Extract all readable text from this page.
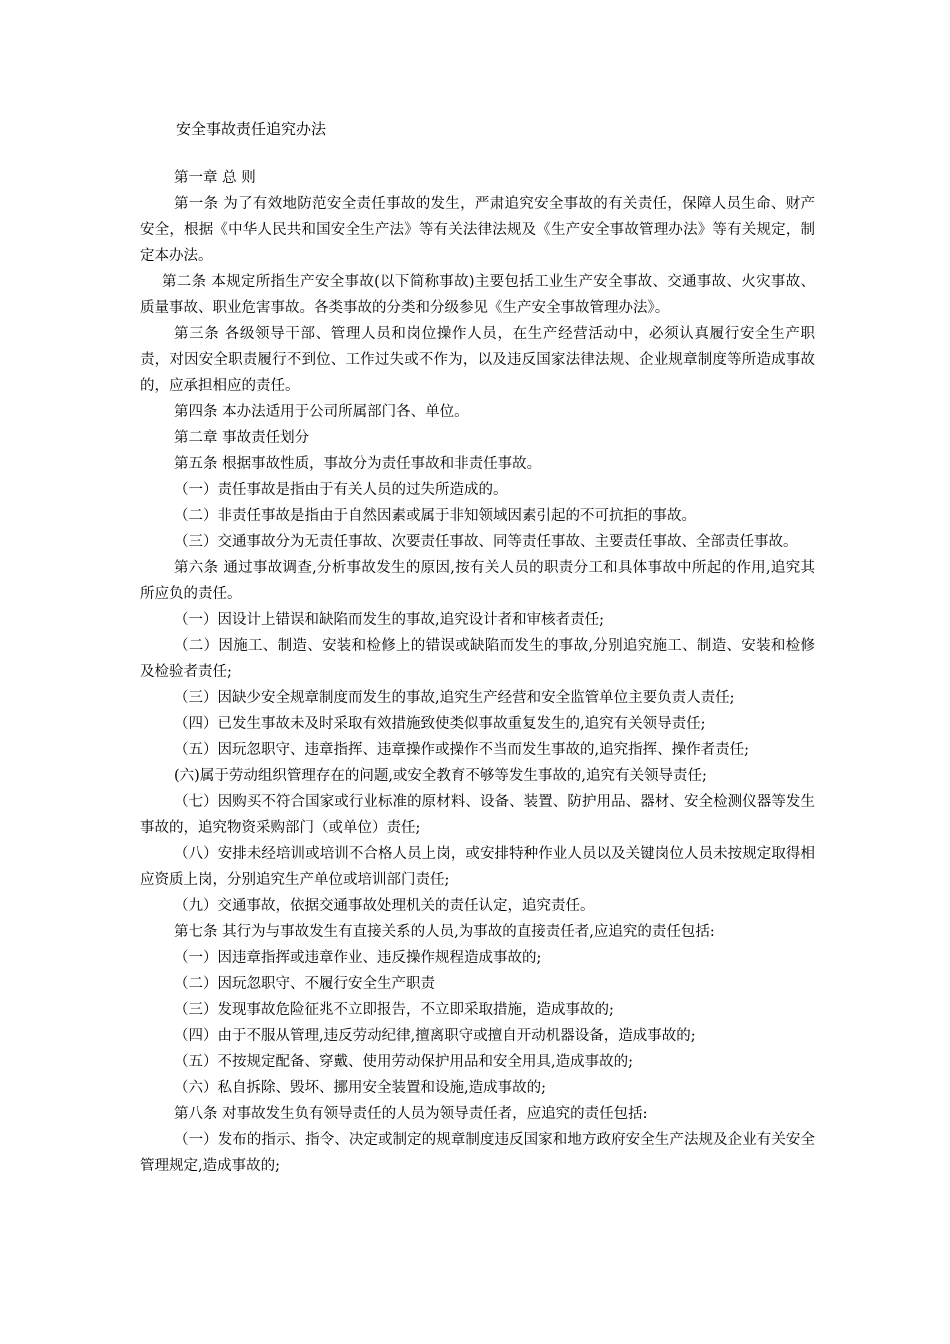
安全事故责任追究办法

第一章 总 则

第一条 为了有效地防范安全责任事故的发生，严肃追究安全事故的有关责任，保障人员生命、财产安全，根据《中华人民共和国安全生产法》等有关法律法规及《生产安全事故管理办法》等有关规定，制定本办法。

第二条 本规定所指生产安全事故(以下简称事故)主要包括工业生产安全事故、交通事故、火灾事故、质量事故、职业危害事故。各类事故的分类和分级参见《生产安全事故管理办法》。

第三条 各级领导干部、管理人员和岗位操作人员，在生产经营活动中，必须认真履行安全生产职责，对因安全职责履行不到位、工作过失或不作为，以及违反国家法律法规、企业规章制度等所造成事故的，应承担相应的责任。

第四条 本办法适用于公司所属部门各、单位。

第二章 事故责任划分

第五条 根据事故性质，事故分为责任事故和非责任事故。

（一）责任事故是指由于有关人员的过失所造成的。

（二）非责任事故是指由于自然因素或属于非知领域因素引起的不可抗拒的事故。

（三）交通事故分为无责任事故、次要责任事故、同等责任事故、主要责任事故、全部责任事故。

第六条 通过事故调查,分析事故发生的原因,按有关人员的职责分工和具体事故中所起的作用,追究其所应负的责任。

（一）因设计上错误和缺陷而发生的事故,追究设计者和审核者责任;

（二）因施工、制造、安装和检修上的错误或缺陷而发生的事故,分别追究施工、制造、安装和检修及检验者责任;

（三）因缺少安全规章制度而发生的事故,追究生产经营和安全监管单位主要负责人责任;

（四）已发生事故未及时采取有效措施致使类似事故重复发生的,追究有关领导责任;

（五）因玩忽职守、违章指挥、违章操作或操作不当而发生事故的,追究指挥、操作者责任;

(六)属于劳动组织管理存在的问题,或安全教育不够等发生事故的,追究有关领导责任;

（七）因购买不符合国家或行业标准的原材料、设备、装置、防护用品、器材、安全检测仪器等发生事故的，追究物资采购部门（或单位）责任;

（八）安排未经培训或培训不合格人员上岗，或安排特种作业人员以及关键岗位人员未按规定取得相应资质上岗，分别追究生产单位或培训部门责任;

（九）交通事故，依据交通事故处理机关的责任认定，追究责任。

第七条 其行为与事故发生有直接关系的人员,为事故的直接责任者,应追究的责任包括:

（一）因违章指挥或违章作业、违反操作规程造成事故的;

（二）因玩忽职守、不履行安全生产职责

（三）发现事故危险征兆不立即报告，不立即采取措施，造成事故的;

（四）由于不服从管理,违反劳动纪律,擅离职守或擅自开动机器设备，造成事故的;

（五）不按规定配备、穿戴、使用劳动保护用品和安全用具,造成事故的;

（六）私自拆除、毁坏、挪用安全装置和设施,造成事故的;

第八条 对事故发生负有领导责任的人员为领导责任者，应追究的责任包括:

（一）发布的指示、指令、决定或制定的规章制度违反国家和地方政府安全生产法规及企业有关安全管理规定,造成事故的;
